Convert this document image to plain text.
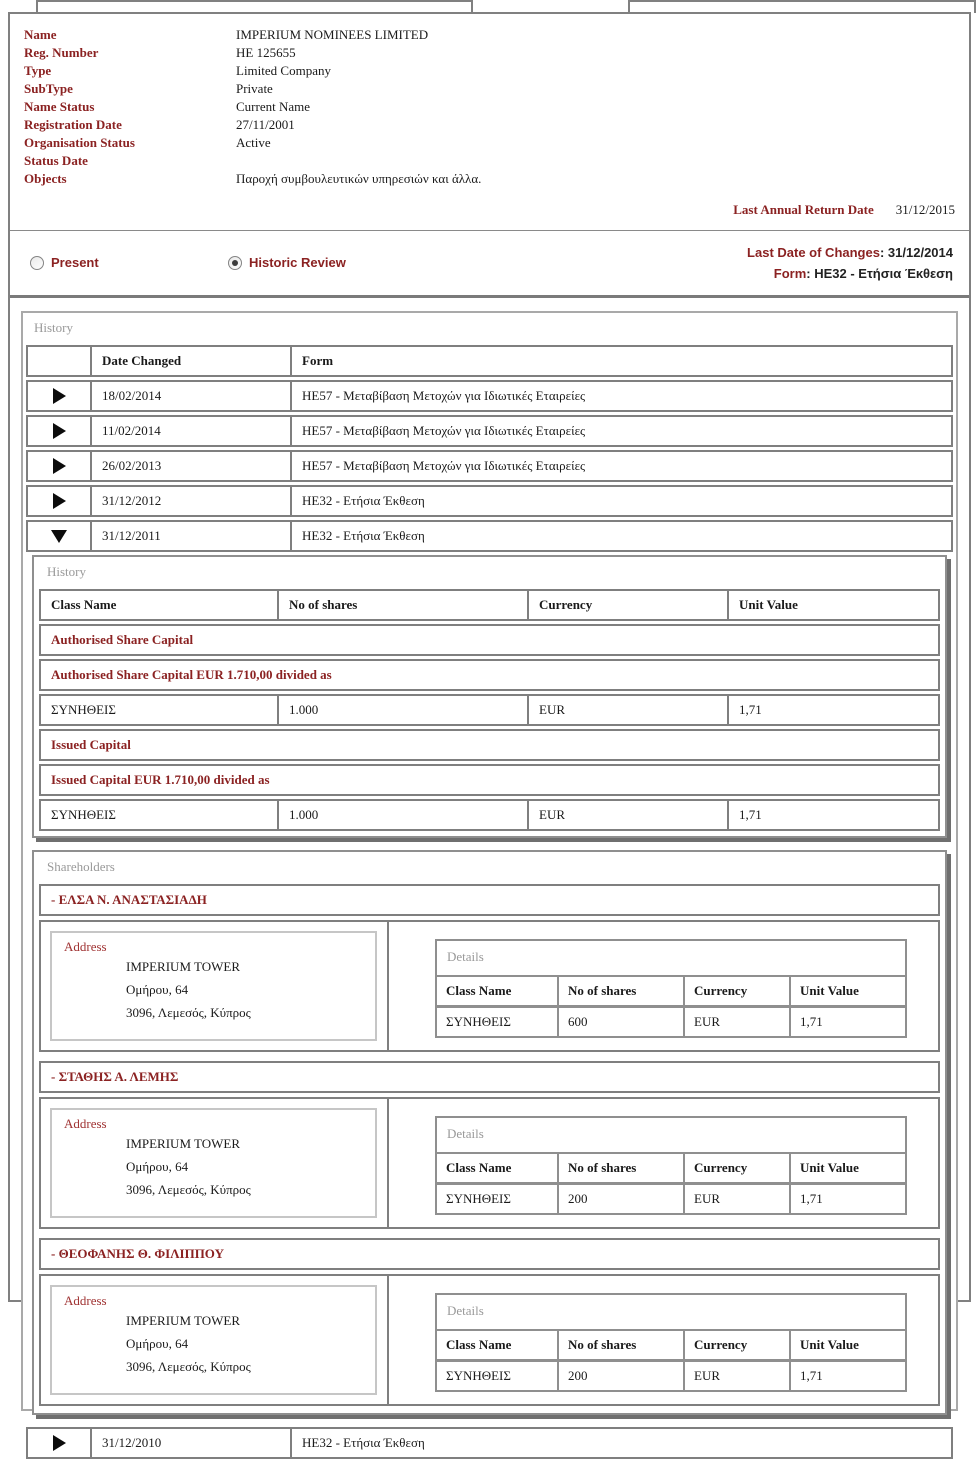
Name	IMPERIUM NOMINEES LIMITED
Reg. Number	HE 125655
Type	Limited Company
SubType	Private
Name Status	Current Name
Registration Date	27/11/2001
Organisation Status	Active
Status Date
Objects	Παροχή συμβουλευτικών υπηρεσιών και άλλα.
Last Annual Return Date 31/12/2015
Present	Historic Review
Last Date of Changes: 31/12/2014
Form: HE32 - Ετήσια Έκθεση
History
Date Changed	Form
18/02/2014	HE57 - Μεταβίβαση Μετοχών για Ιδιωτικές Εταιρείες
11/02/2014	HE57 - Μεταβίβαση Μετοχών για Ιδιωτικές Εταιρείες
26/02/2013	HE57 - Μεταβίβαση Μετοχών για Ιδιωτικές Εταιρείες
31/12/2012	HE32 - Ετήσια Έκθεση
31/12/2011	HE32 - Ετήσια Έκθεση
History
Class Name	No of shares	Currency	Unit Value
Authorised Share Capital
Authorised Share Capital EUR 1.710,00 divided as
ΣΥΝΗΘΕΙΣ	1.000	EUR	1,71
Issued Capital
Issued Capital EUR 1.710,00 divided as
ΣΥΝΗΘΕΙΣ	1.000	EUR	1,71
Shareholders
- ΕΛΣΑ Ν. ΑΝΑΣΤΑΣΙΑΔΗ
Address
IMPERIUM TOWER
Ομήρου, 64
3096, Λεμεσός, Κύπρος
Details
Class Name	No of shares	Currency	Unit Value
ΣΥΝΗΘΕΙΣ	600	EUR	1,71
- ΣΤΑΘΗΣ Α. ΛΕΜΗΣ
Address
IMPERIUM TOWER
Ομήρου, 64
3096, Λεμεσός, Κύπρος
Details
Class Name	No of shares	Currency	Unit Value
ΣΥΝΗΘΕΙΣ	200	EUR	1,71
- ΘΕΟΦΑΝΗΣ Θ. ΦΙΛΙΠΠΟΥ
Address
IMPERIUM TOWER
Ομήρου, 64
3096, Λεμεσός, Κύπρος
Details
Class Name	No of shares	Currency	Unit Value
ΣΥΝΗΘΕΙΣ	200	EUR	1,71
31/12/2010	HE32 - Ετήσια Έκθεση
